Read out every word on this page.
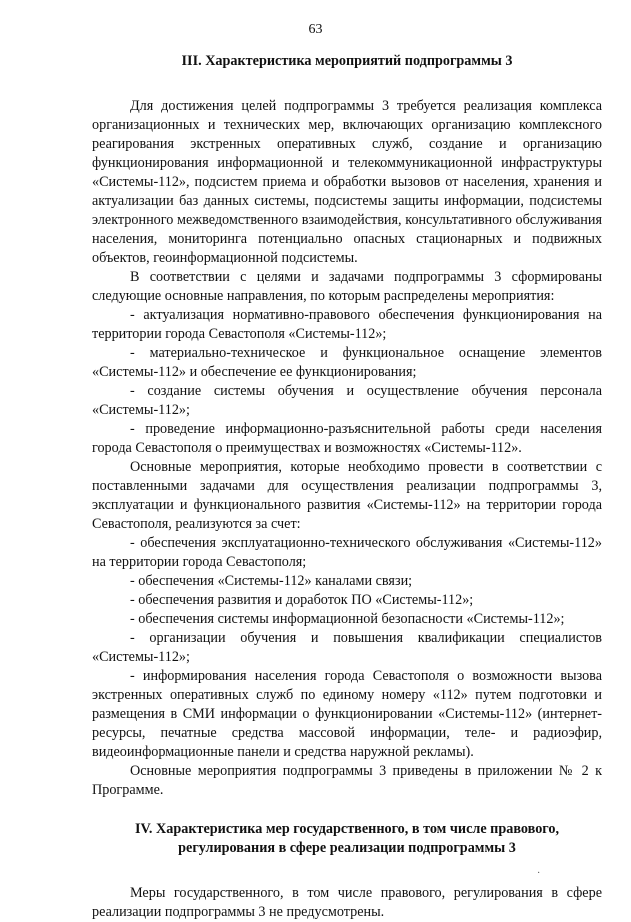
63

III. Характеристика мероприятий подпрограммы 3

Для достижения целей подпрограммы 3 требуется реализация комплекса организационных и технических мер, включающих организацию комплексного реагирования экстренных оперативных служб, создание и организацию функционирования информационной и телекоммуникационной инфраструктуры «Системы-112», подсистем приема и обработки вызовов от населения, хранения и актуализации баз данных системы, подсистемы защиты информации, подсистемы электронного межведомственного взаимодействия, консультативного обслуживания населения, мониторинга потенциально опасных стационарных и подвижных объектов, геоинформационной подсистемы.

В соответствии с целями и задачами подпрограммы 3 сформированы следующие основные направления, по которым распределены мероприятия:

- актуализация нормативно-правового обеспечения функционирования на территории города Севастополя «Системы-112»;

- материально-техническое и функциональное оснащение элементов «Системы-112» и обеспечение ее функционирования;

- создание системы обучения и осуществление обучения персонала «Системы-112»;

- проведение информационно-разъяснительной работы среди населения города Севастополя о преимуществах и возможностях «Системы-112».

Основные мероприятия, которые необходимо провести в соответствии с поставленными задачами для осуществления реализации подпрограммы 3, эксплуатации и функционального развития «Системы-112» на территории города Севастополя, реализуются за счет:

- обеспечения эксплуатационно-технического обслуживания «Системы-112» на территории города Севастополя;

- обеспечения «Системы-112» каналами связи;

- обеспечения развития и доработок ПО «Системы-112»;

- обеспечения системы информационной безопасности «Системы-112»;

- организации обучения и повышения квалификации специалистов «Системы-112»;

- информирования населения города Севастополя о возможности вызова экстренных оперативных служб по единому номеру «112» путем подготовки и размещения в СМИ информации о функционировании «Системы-112» (интернет-ресурсы, печатные средства массовой информации, теле- и радиоэфир, видеоинформационные панели и средства наружной рекламы).

Основные мероприятия подпрограммы 3 приведены в приложении № 2 к Программе.

IV. Характеристика мер государственного, в том числе правового,

регулирования в сфере реализации подпрограммы 3

Меры государственного, в том числе правового, регулирования в сфере реализации подпрограммы 3 не предусмотрены.

·
